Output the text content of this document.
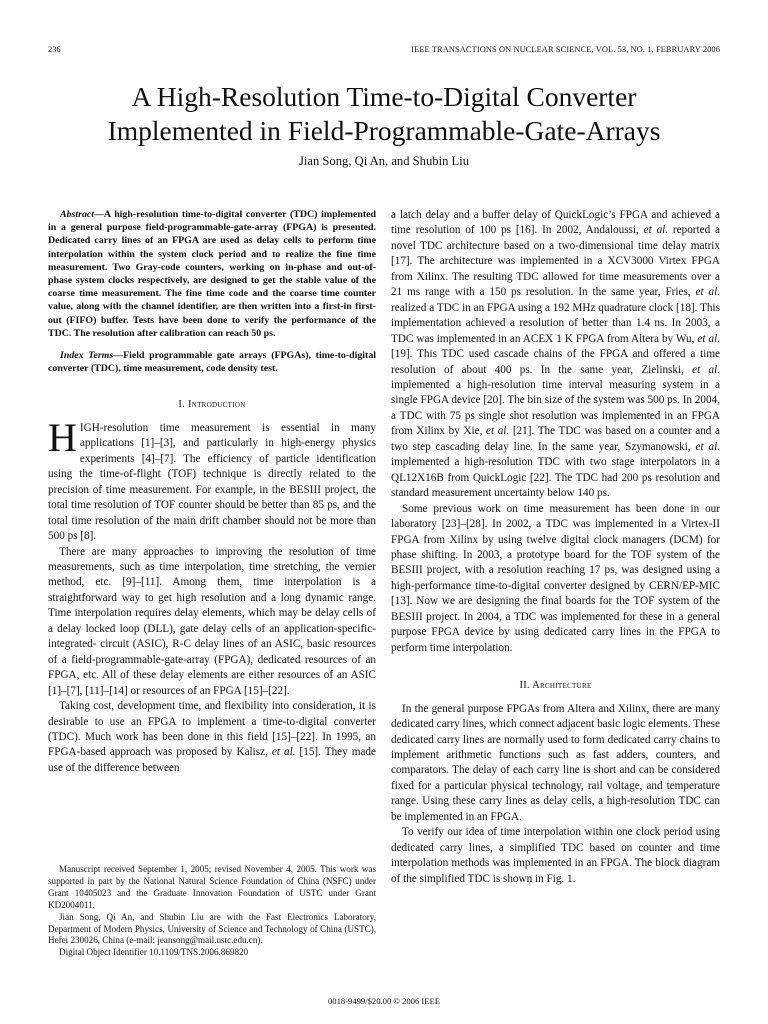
236	IEEE TRANSACTIONS ON NUCLEAR SCIENCE, VOL. 53, NO. 1, FEBRUARY 2006
A High-Resolution Time-to-Digital Converter
Implemented in Field-Programmable-Gate-Arrays
Jian Song, Qi An, and Shubin Liu

Abstract—A high-resolution time-to-digital converter (TDC) implemented in a general purpose field-programmable-gate-array (FPGA) is presented. Dedicated carry lines of an FPGA are used as delay cells to perform time interpolation within the system clock period and to realize the fine time measurement. Two Gray-code counters, working on in-phase and out-of-phase system clocks respectively, are designed to get the stable value of the coarse time measurement. The fine time code and the coarse time counter value, along with the channel identifier, are then written into a first-in first-out (FIFO) buffer. Tests have been done to verify the performance of the TDC. The resolution after calibration can reach 50 ps.

Index Terms—Field programmable gate arrays (FPGAs), time-to-digital converter (TDC), time measurement, code density test.

I. Introduction

HIGH-resolution time measurement is essential in many applications [1]–[3], and particularly in high-energy physics experiments [4]–[7]. The efficiency of particle identification using the time-of-flight (TOF) technique is directly related to the precision of time measurement. For example, in the BESIII project, the total time resolution of TOF counter should be better than 85 ps, and the total time resolution of the main drift chamber should not be more than 500 ps [8].

There are many approaches to improving the resolution of time measurements, such as time interpolation, time stretching, the vernier method, etc. [9]–[11]. Among them, time interpolation is a straightforward way to get high resolution and a long dynamic range. Time interpolation requires delay elements, which may be delay cells of a delay locked loop (DLL), gate delay cells of an application-specific-integrated- circuit (ASIC), R-C delay lines of an ASIC, basic resources of a field-programmable-gate-array (FPGA), dedicated resources of an FPGA, etc. All of these delay elements are either resources of an ASIC [1]–[7], [11]–[14] or resources of an FPGA [15]–[22].

Taking cost, development time, and flexibility into consideration, it is desirable to use an FPGA to implement a time-to-digital converter (TDC). Much work has been done in this field [15]–[22]. In 1995, an FPGA-based approach was proposed by Kalisz, et al. [15]. They made use of the difference between

a latch delay and a buffer delay of QuickLogic’s FPGA and achieved a time resolution of 100 ps [16]. In 2002, Andaloussi, et al. reported a novel TDC architecture based on a two-dimensional time delay matrix [17]. The architecture was implemented in a XCV3000 Virtex FPGA from Xilinx. The resulting TDC allowed for time measurements over a 21 ms range with a 150 ps resolution. In the same year, Fries, et al. realized a TDC in an FPGA using a 192 MHz quadrature clock [18]. This implementation achieved a resolution of better than 1.4 ns. In 2003, a TDC was implemented in an ACEX 1 K FPGA from Altera by Wu, et al. [19]. This TDC used cascade chains of the FPGA and offered a time resolution of about 400 ps. In the same year, Zielinski, et al. implemented a high-resolution time interval measuring system in a single FPGA device [20]. The bin size of the system was 500 ps. In 2004, a TDC with 75 ps single shot resolution was implemented in an FPGA from Xilinx by Xie, et al. [21]. The TDC was based on a counter and a two step cascading delay line. In the same year, Szymanowski, et al. implemented a high-resolution TDC with two stage interpolators in a QL12X16B from QuickLogic [22]. The TDC had 200 ps resolution and standard measurement uncertainty below 140 ps.

Some previous work on time measurement has been done in our laboratory [23]–[28]. In 2002, a TDC was implemented in a Virtex-II FPGA from Xilinx by using twelve digital clock managers (DCM) for phase shifting. In 2003, a prototype board for the TOF system of the BESIII project, with a resolution reaching 17 ps, was designed using a high-performance time-to-digital converter designed by CERN/EP-MIC [13]. Now we are designing the final boards for the TOF system of the BESIII project. In 2004, a TDC was implemented for these in a general purpose FPGA device by using dedicated carry lines in the FPGA to perform time interpolation.

II. Architecture

In the general purpose FPGAs from Altera and Xilinx, there are many dedicated carry lines, which connect adjacent basic logic elements. These dedicated carry lines are normally used to form dedicated carry chains to implement arithmetic functions such as fast adders, counters, and comparators. The delay of each carry line is short and can be considered fixed for a particular physical technology, rail voltage, and temperature range. Using these carry lines as delay cells, a high-resolution TDC can be implemented in an FPGA.

To verify our idea of time interpolation within one clock period using dedicated carry lines, a simplified TDC based on counter and time interpolation methods was implemented in an FPGA. The block diagram of the simplified TDC is shown in Fig. 1.

Manuscript received September 1, 2005; revised November 4, 2005. This work was supported in part by the National Natural Science Foundation of China (NSFC) under Grant 10405023 and the Graduate Innovation Foundation of USTC under Grant KD2004011.

Jian Song, Qi An, and Shubin Liu are with the Fast Electronics Laboratory, Department of Modern Physics, University of Science and Technology of China (USTC), Hefei 230026, China (e-mail: jeansong@mail.ustc.edu.cn).

Digital Object Identifier 10.1109/TNS.2006.869820

0018-9499/$20.00 © 2006 IEEE
